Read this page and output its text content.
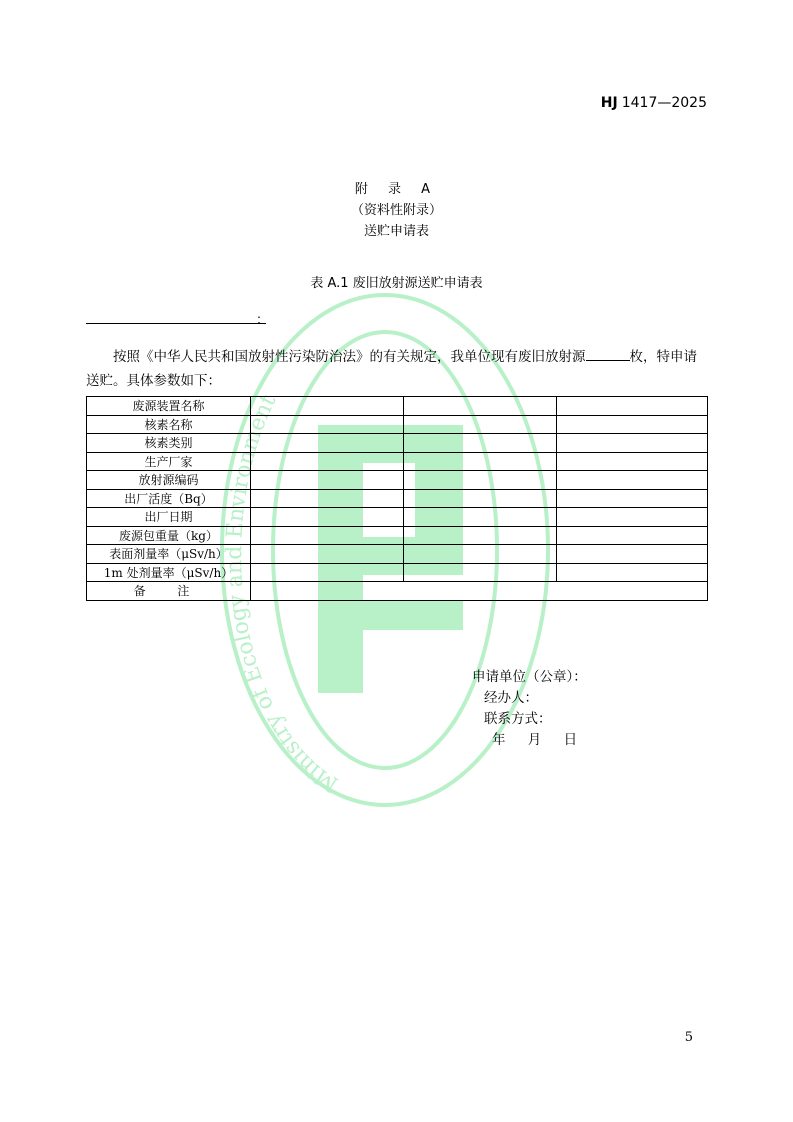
Ministry of Ecology and Environment
HJ 1417—2025
附 录 A
（资料性附录）
送贮申请表
表 A.1 废旧放射源送贮申请表
：
按照《中华人民共和国放射性污染防治法》的有关规定，我单位现有废旧放射源	枚，特申请送贮。具体参数如下：
废源装置名称			
核素名称			
核素类别			
生产厂家			
放射源编码			
出厂活度（Bq）			
出厂日期			
废源包重量（kg）			
表面剂量率（μSv/h）			
1m 处剂量率（μSv/h）			
备 注			
申请单位（公章）：
经办人：
联系方式：
年 月 日
5
